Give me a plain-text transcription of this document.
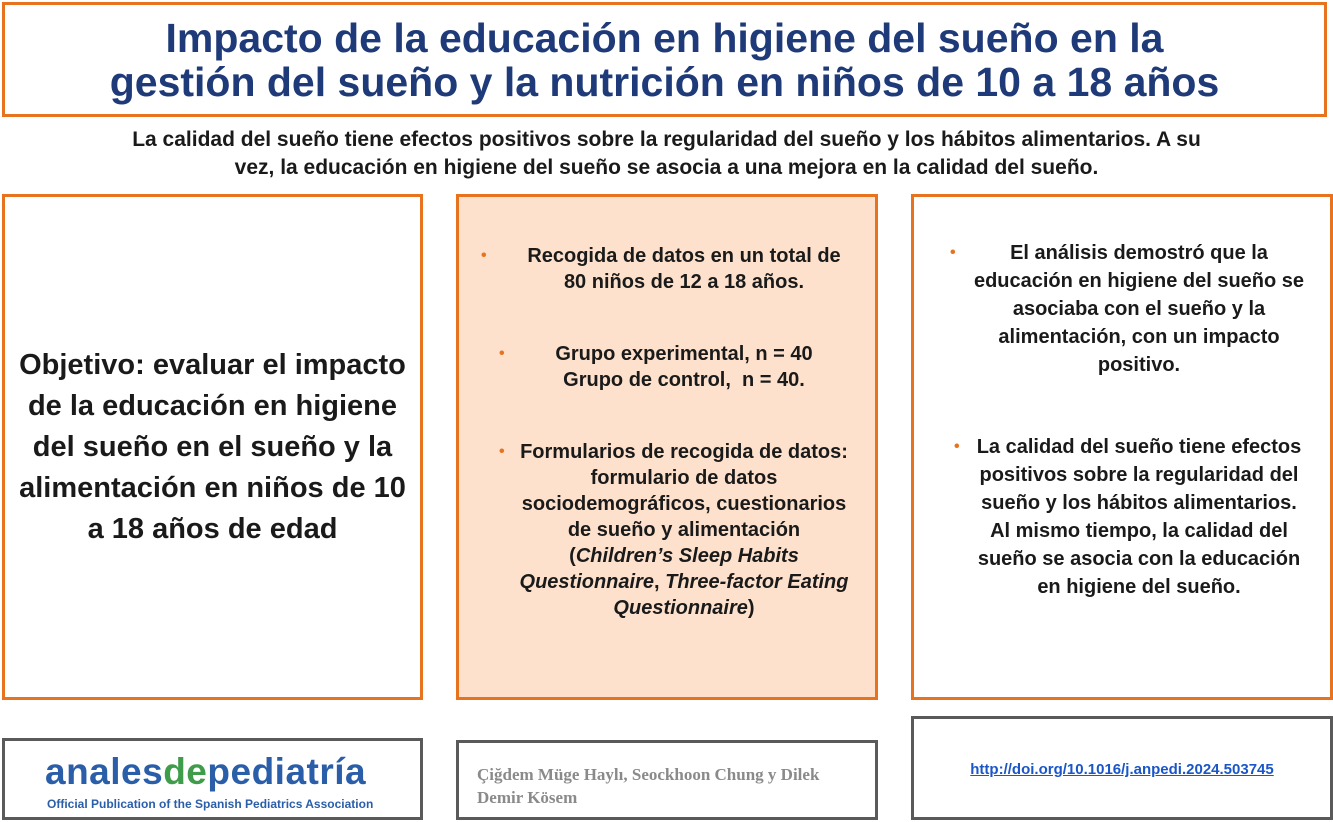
Impacto de la educación en higiene del sueño en la
gestión del sueño y la nutrición en niños de 10 a 18 años
La calidad del sueño tiene efectos positivos sobre la regularidad del sueño y los hábitos alimentarios. A su
vez, la educación en higiene del sueño se asocia a una mejora en la calidad del sueño.
Objetivo: evaluar el impacto de la educación en higiene del sueño en el sueño y la alimentación en niños de 10 a 18 años de edad
• Recogida de datos en un total de 80 niños de 12 a 18 años.
•	Grupo experimental, n = 40
Grupo de control,  n = 40.
• Formularios de recogida de datos: formulario de datos sociodemográficos, cuestionarios de sueño y alimentación (Children’s Sleep Habits Questionnaire, Three-factor Eating Questionnaire)
•	El análisis demostró que la educación en higiene del sueño se asociaba con el sueño y la alimentación, con un impacto positivo.
• La calidad del sueño tiene efectos positivos sobre la regularidad del sueño y los hábitos alimentarios. Al mismo tiempo, la calidad del sueño se asocia con la educación en higiene del sueño.
analesdepediatría
Official Publication of the Spanish Pediatrics Association
Çiğdem Müge Haylı, Seockhoon Chung y Dilek Demir Kösem
http://doi.org/10.1016/j.anpedi.2024.503745
